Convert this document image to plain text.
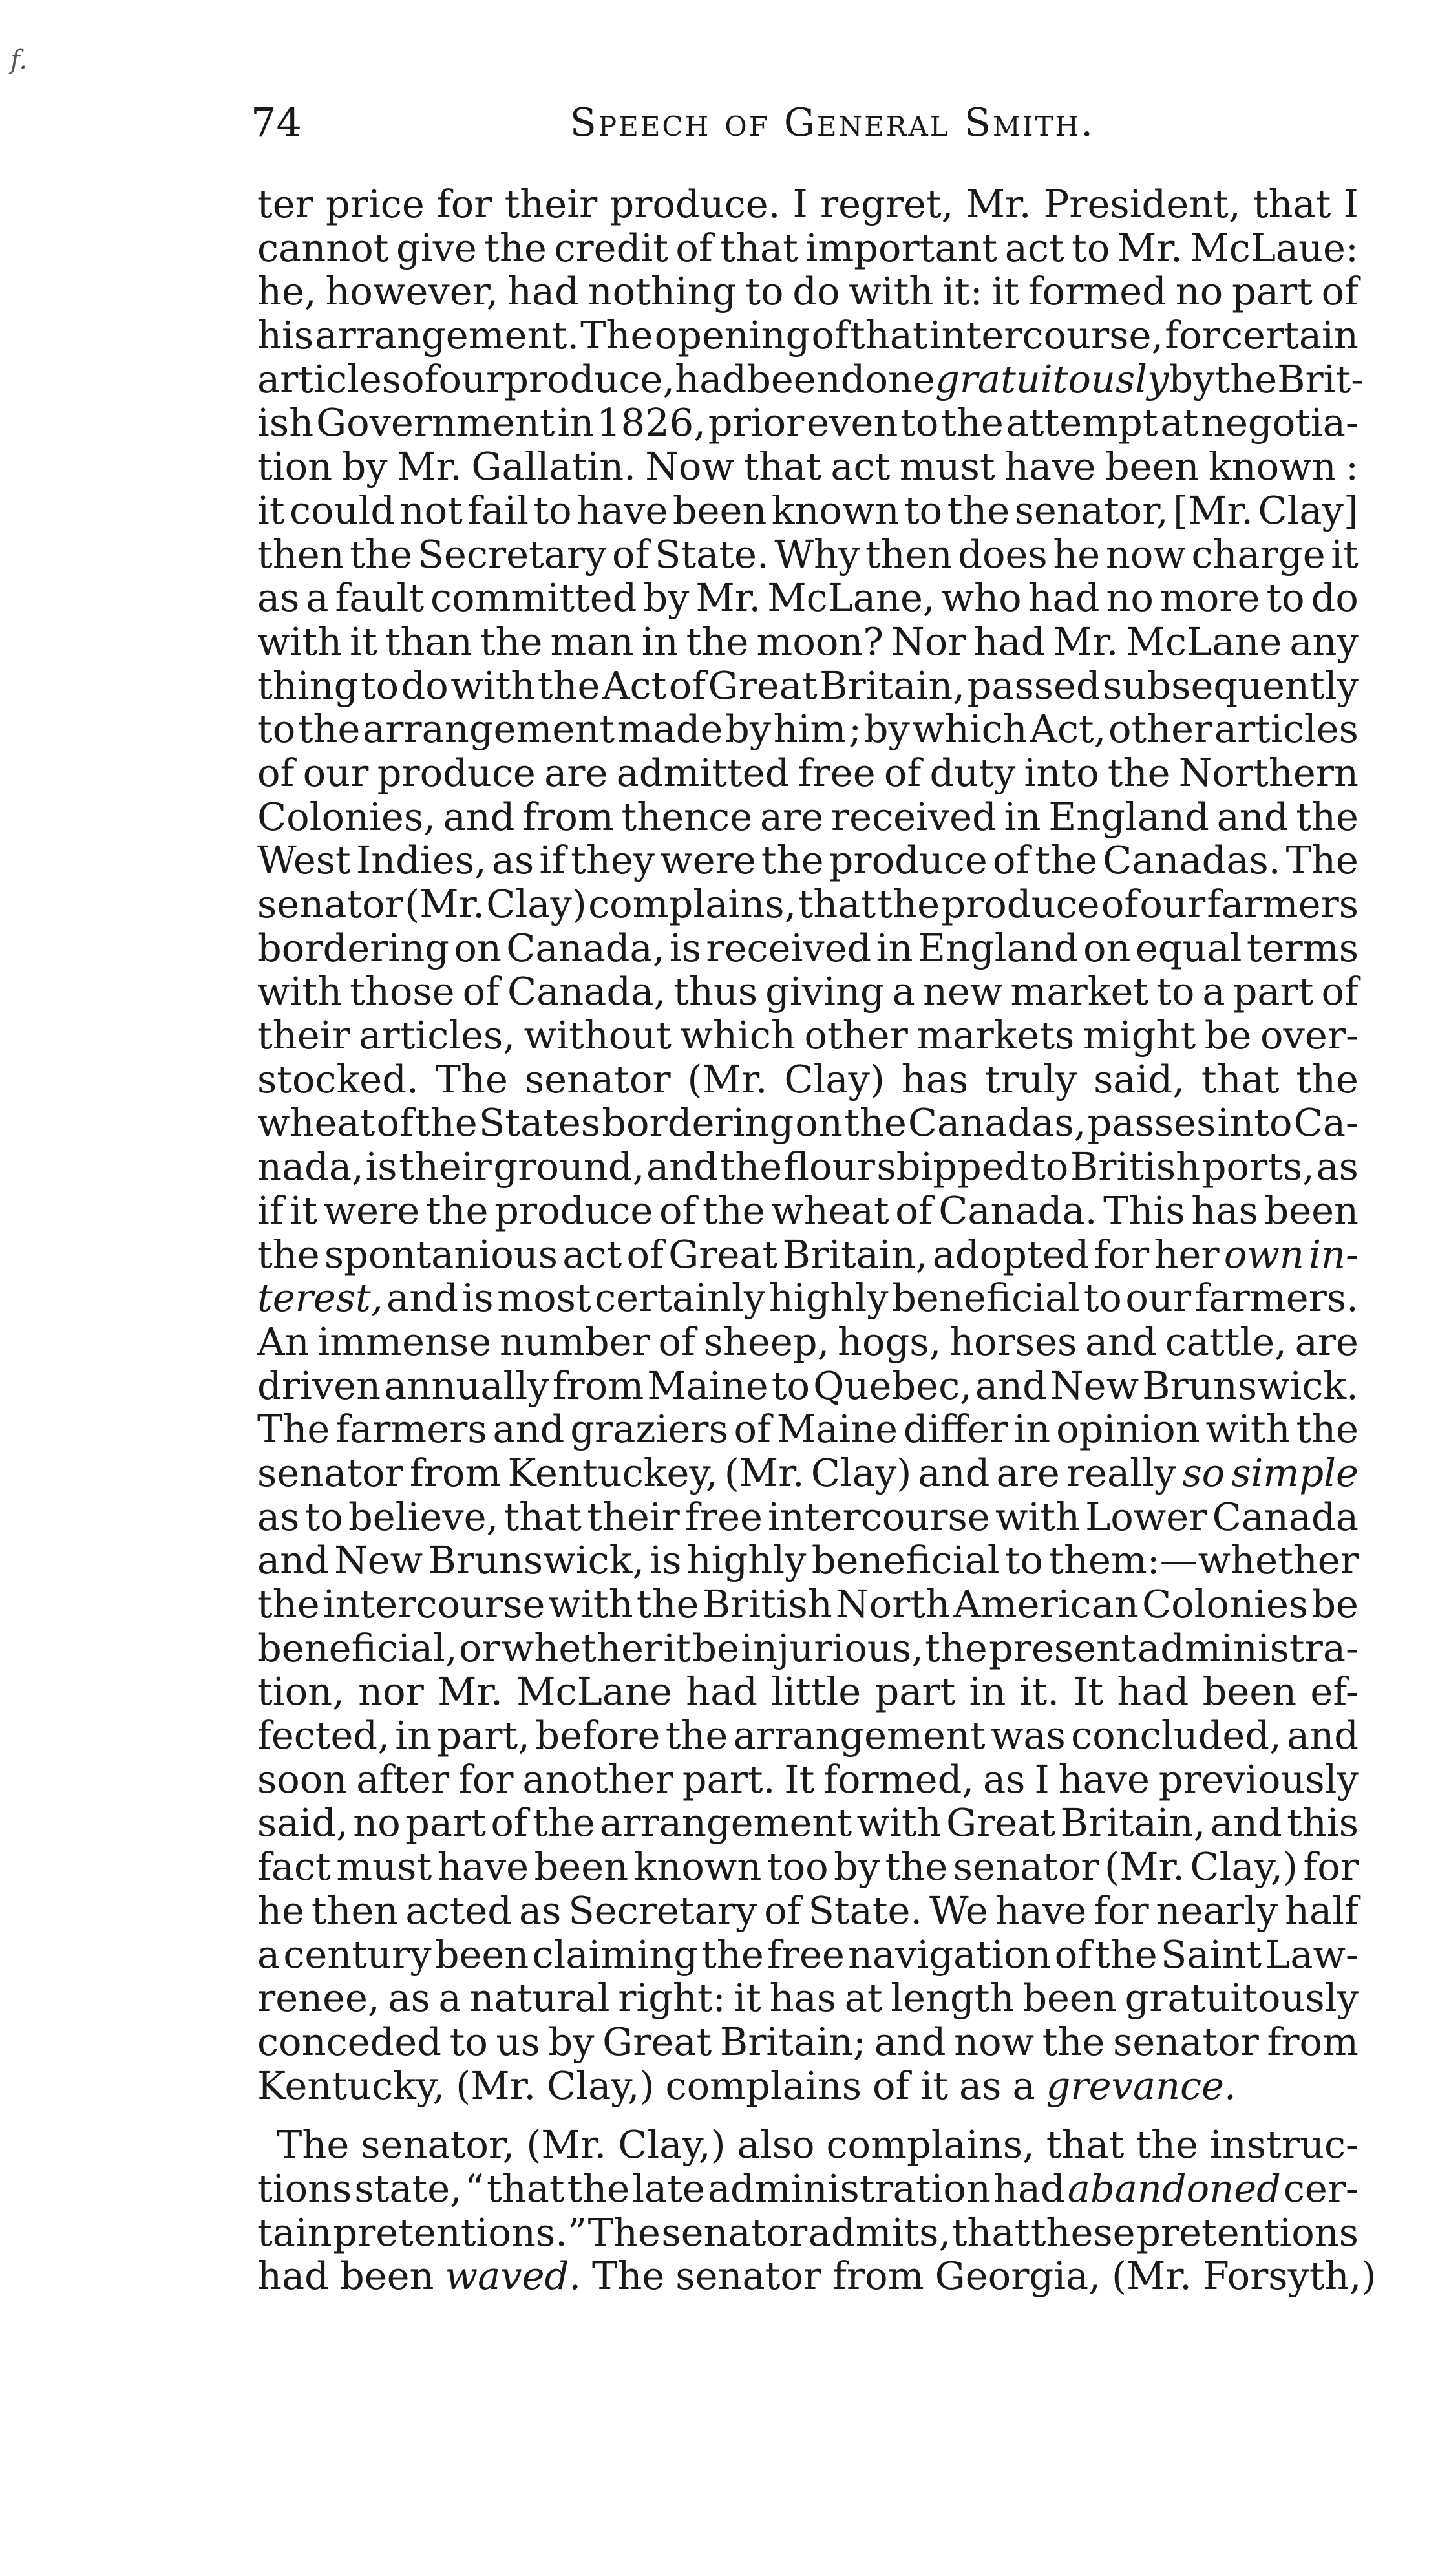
f.
74	Speech of General Smith.
ter price for their produce. I regret, Mr. President, that I
cannot give the credit of that important act to Mr. McLaue:
he, however, had nothing to do with it: it formed no part of
his arrangement. The opening of that intercourse, for certain
articles of our produce, had been done gratuitously by the Brit-
ish Government in 1826, prior even to the attempt at negotia-
tion by Mr. Gallatin. Now that act must have been known :
it could not fail to have been known to the senator, [Mr. Clay]
then the Secretary of State. Why then does he now charge it
as a fault committed by Mr. McLane, who had no more to do
with it than the man in the moon? Nor had Mr. McLane any
thing to do with the Act of Great Britain, passed subsequently
to the arrangement made by him ; by which Act, other articles
of our produce are admitted free of duty into the Northern
Colonies, and from thence are received in England and the
West Indies, as if they were the produce of the Canadas. The
senator (Mr. Clay) complains, that the produce of our farmers
bordering on Canada, is received in England on equal terms
with those of Canada, thus giving a new market to a part of
their articles, without which other markets might be over-
stocked. The senator (Mr. Clay) has truly said, that the
wheat of the States bordering on the Canadas, passes into Ca-
nada, is their ground, and the flour sbipped to British ports, as
if it were the produce of the wheat of Canada. This has been
the spontanious act of Great Britain, adopted for her own in-
terest, and is most certainly highly beneficial to our farmers.
An immense number of sheep, hogs, horses and cattle, are
driven annually from Maine to Quebec, and New Brunswick.
The farmers and graziers of Maine differ in opinion with the
senator from Kentuckey, (Mr. Clay) and are really so simple
as to believe, that their free intercourse with Lower Canada
and New Brunswick, is highly beneficial to them:—whether
the intercourse with the British North American Colonies be
beneficial, or whether it be injurious, the present administra-
tion, nor Mr. McLane had little part in it. It had been ef-
fected, in part, before the arrangement was concluded, and
soon after for another part. It formed, as I have previously
said, no part of the arrangement with Great Britain, and this
fact must have been known too by the senator (Mr. Clay,) for
he then acted as Secretary of State. We have for nearly half
a century been claiming the free navigation of the Saint Law-
renee, as a natural right: it has at length been gratuitously
conceded to us by Great Britain; and now the senator from
Kentucky, (Mr. Clay,) complains of it as a grevance.
The senator, (Mr. Clay,) also complains, that the instruc-
tions state, “ that the late administration had abandoned cer-
tain pretentions.” The senator admits, that these pretentions
had been waved. The senator from Georgia, (Mr. Forsyth,)
